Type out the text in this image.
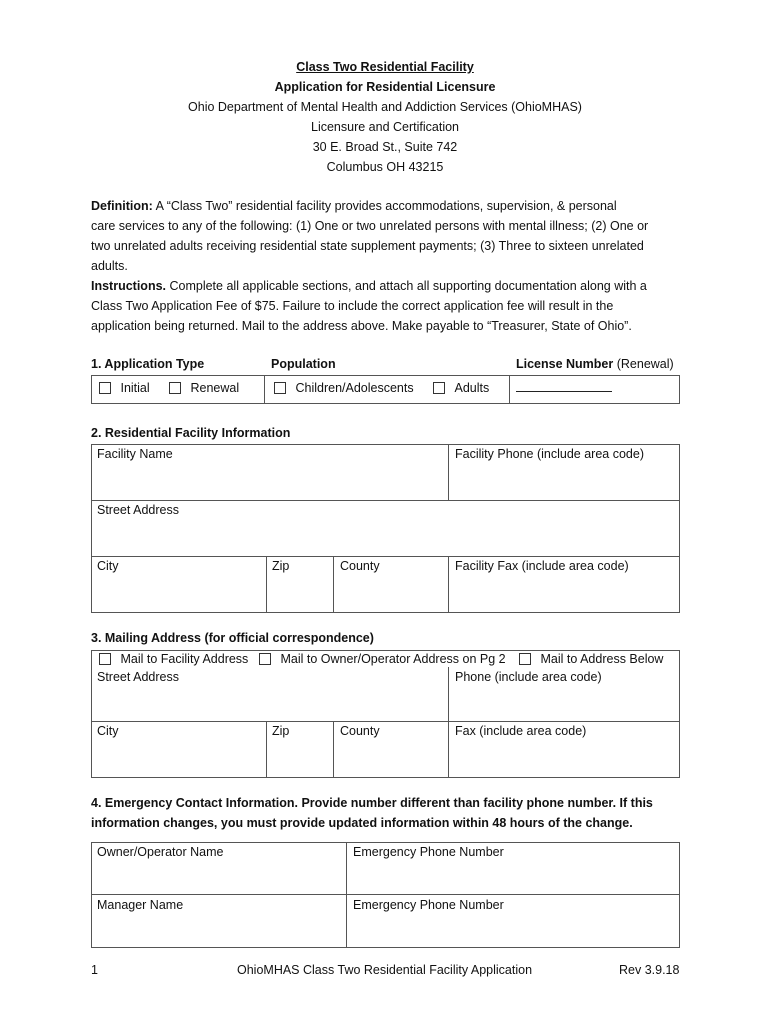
Class Two Residential Facility
Application for Residential Licensure
Ohio Department of Mental Health and Addiction Services (OhioMHAS)
Licensure and Certification
30 E. Broad St., Suite 742
Columbus OH 43215
Definition: A “Class Two” residential facility provides accommodations, supervision, & personal
care services to any of the following: (1) One or two unrelated persons with mental illness; (2) One or
two unrelated adults receiving residential state supplement payments; (3) Three to sixteen unrelated
adults.
Instructions. Complete all applicable sections, and attach all supporting documentation along with a
Class Two Application Fee of $75. Failure to include the correct application fee will result in the
application being returned. Mail to the address above. Make payable to “Treasurer, State of Ohio”.
1. Application Type	Population	License Number (Renewal)
Initial	Renewal	Children/Adolescents	Adults
2. Residential Facility Information
Facility Name	Facility Phone (include area code)
Street Address
City	Zip	County	Facility Fax (include area code)
3. Mailing Address (for official correspondence)
Mail to Facility Address	Mail to Owner/Operator Address on Pg 2	Mail to Address Below
Street Address	Phone (include area code)
City	Zip	County	Fax (include area code)
4. Emergency Contact Information. Provide number different than facility phone number. If this
information changes, you must provide updated information within 48 hours of the change.
Owner/Operator Name	Emergency Phone Number
Manager Name	Emergency Phone Number
1	OhioMHAS Class Two Residential Facility Application	Rev 3.9.18
